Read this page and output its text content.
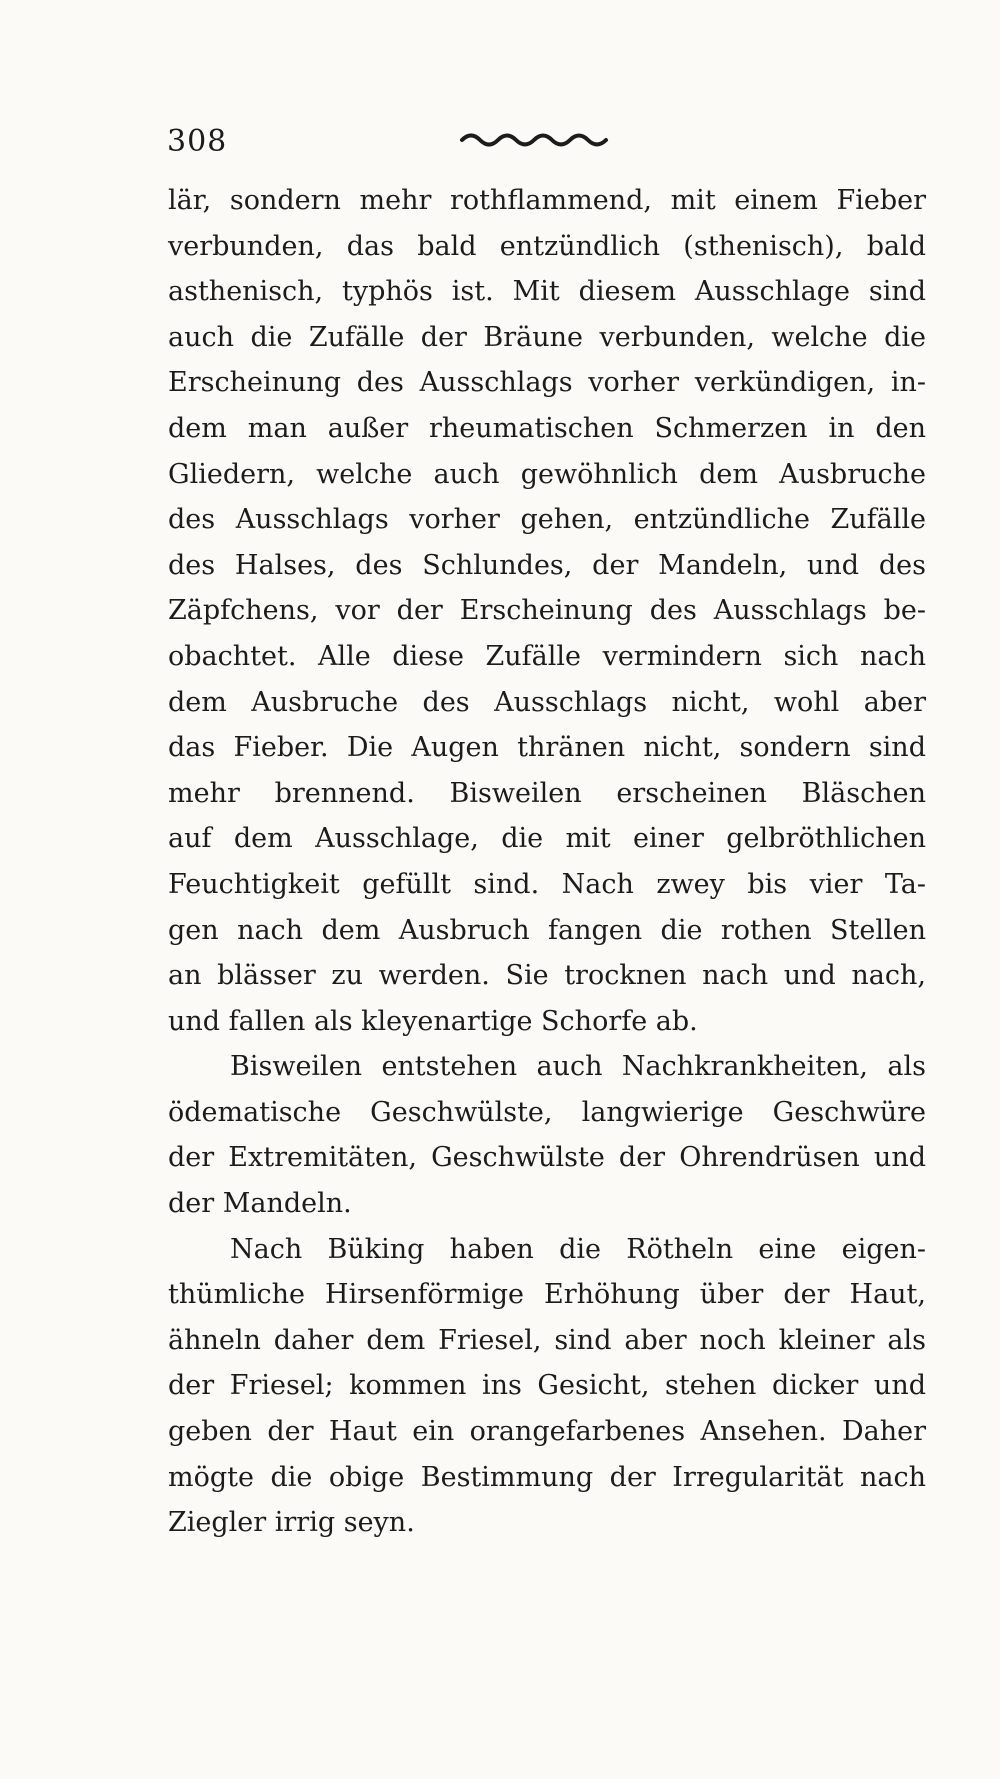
308

lär, sondern mehr rothflammend, mit einem Fieber
verbunden, das bald entzündlich (sthenisch), bald
asthenisch, typhös ist. Mit diesem Ausschlage sind
auch die Zufälle der Bräune verbunden, welche die
Erscheinung des Ausschlags vorher verkündigen, in-
dem man außer rheumatischen Schmerzen in den
Gliedern, welche auch gewöhnlich dem Ausbruche
des Ausschlags vorher gehen, entzündliche Zufälle
des Halses, des Schlundes, der Mandeln, und des
Zäpfchens, vor der Erscheinung des Ausschlags be-
obachtet. Alle diese Zufälle vermindern sich nach
dem Ausbruche des Ausschlags nicht, wohl aber
das Fieber. Die Augen thränen nicht, sondern sind
mehr brennend. Bisweilen erscheinen Bläschen
auf dem Ausschlage, die mit einer gelbröthlichen
Feuchtigkeit gefüllt sind. Nach zwey bis vier Ta-
gen nach dem Ausbruch fangen die rothen Stellen
an blässer zu werden. Sie trocknen nach und nach,
und fallen als kleyenartige Schorfe ab.

Bisweilen entstehen auch Nachkrankheiten, als
ödematische Geschwülste, langwierige Geschwüre
der Extremitäten, Geschwülste der Ohrendrüsen und
der Mandeln.

Nach Büking haben die Rötheln eine eigen-
thümliche Hirsenförmige Erhöhung über der Haut,
ähneln daher dem Friesel, sind aber noch kleiner als
der Friesel; kommen ins Gesicht, stehen dicker und
geben der Haut ein orangefarbenes Ansehen. Daher
mögte die obige Bestimmung der Irregularität nach
Ziegler irrig seyn.
